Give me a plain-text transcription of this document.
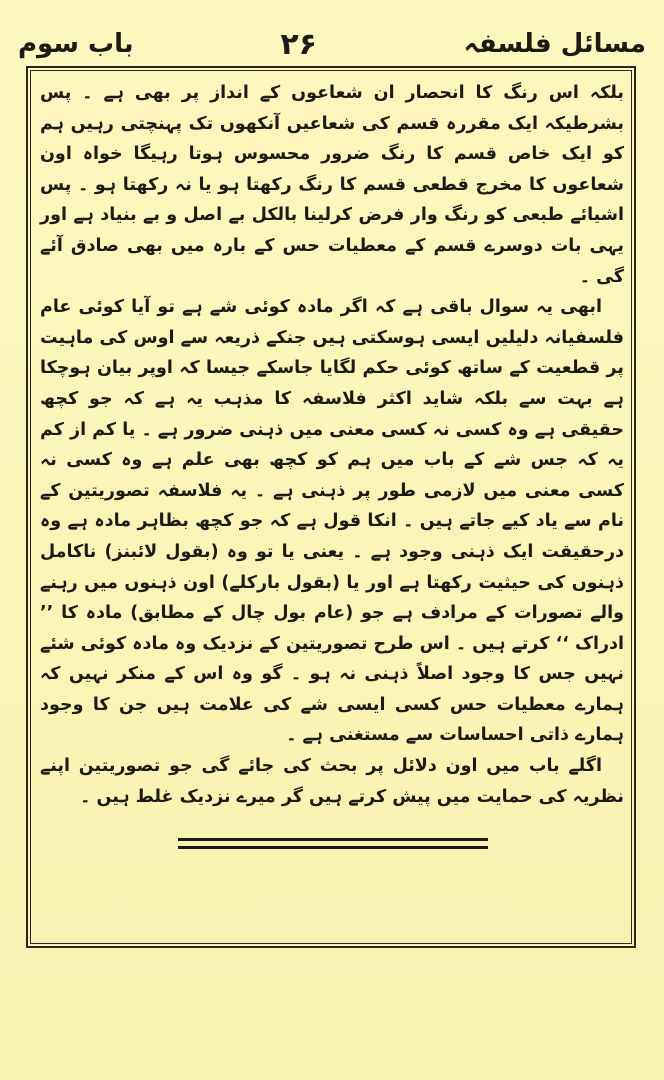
مسائل فلسفہ
۲۶
باب سوم

بلکہ اس رنگ کا انحصار ان شعاعوں کے انداز پر بھی ہے ۔ پس بشرطیکہ ایک مقررہ قسم کی شعاعیں آنکھوں تک پہنچتی رہیں ہم کو ایک خاص قسم کا رنگ ضرور محسوس ہوتا رہیگا خواہ اون شعاعوں کا مخرج قطعی قسم کا رنگ رکھتا ہو یا نہ رکھتا ہو ۔ پس اشیائے طبعی کو رنگ وار فرض کرلینا بالکل بے اصل و بے بنیاد ہے اور یہی بات دوسرے قسم کے معطیات حس کے بارہ میں بھی صادق آئے گی ۔

ابھی یہ سوال باقی ہے کہ اگر مادہ کوئی شے ہے تو آیا کوئی عام فلسفیانہ دلیلیں ایسی ہوسکتی ہیں جنکے ذریعہ سے اوس کی ماہیت پر قطعیت کے ساتھ کوئی حکم لگایا جاسکے جیسا کہ اوپر بیان ہوچکا ہے بہت سے بلکہ شاید اکثر فلاسفہ کا مذہب یہ ہے کہ جو کچھ حقیقی ہے وہ کسی نہ کسی معنی میں ذہنی ضرور ہے ۔ یا کم از کم یہ کہ جس شے کے باب میں ہم کو کچھ بھی علم ہے وہ کسی نہ کسی معنی میں لازمی طور پر ذہنی ہے ۔ یہ فلاسفہ تصوریتین کے نام سے یاد کیے جاتے ہیں ۔ انکا قول ہے کہ جو کچھ بظاہر مادہ ہے وہ درحقیقت ایک ذہنی وجود ہے ۔ یعنی یا تو وہ (بقول لائبنز) ناکامل ذہنوں کی حیثیت رکھتا ہے اور یا (بقول بارکلے) اون ذہنوں میں رہنے والے تصورات کے مرادف ہے جو (عام بول چال کے مطابق) مادہ کا ’’ ادراک ‘‘ کرتے ہیں ۔ اس طرح تصوریتین کے نزدیک وہ مادہ کوئی شئے نہیں جس کا وجود اصلاً ذہنی نہ ہو ۔ گو وہ اس کے منکر نہیں کہ ہمارے معطیات حس کسی ایسی شے کی علامت ہیں جن کا وجود ہمارے ذاتی احساسات سے مستغنی ہے ۔

اگلے باب میں اون دلائل پر بحث کی جائے گی جو تصوریتین اپنے نظریہ کی حمایت میں پیش کرتے ہیں گر میرے نزدیک غلط ہیں ۔
